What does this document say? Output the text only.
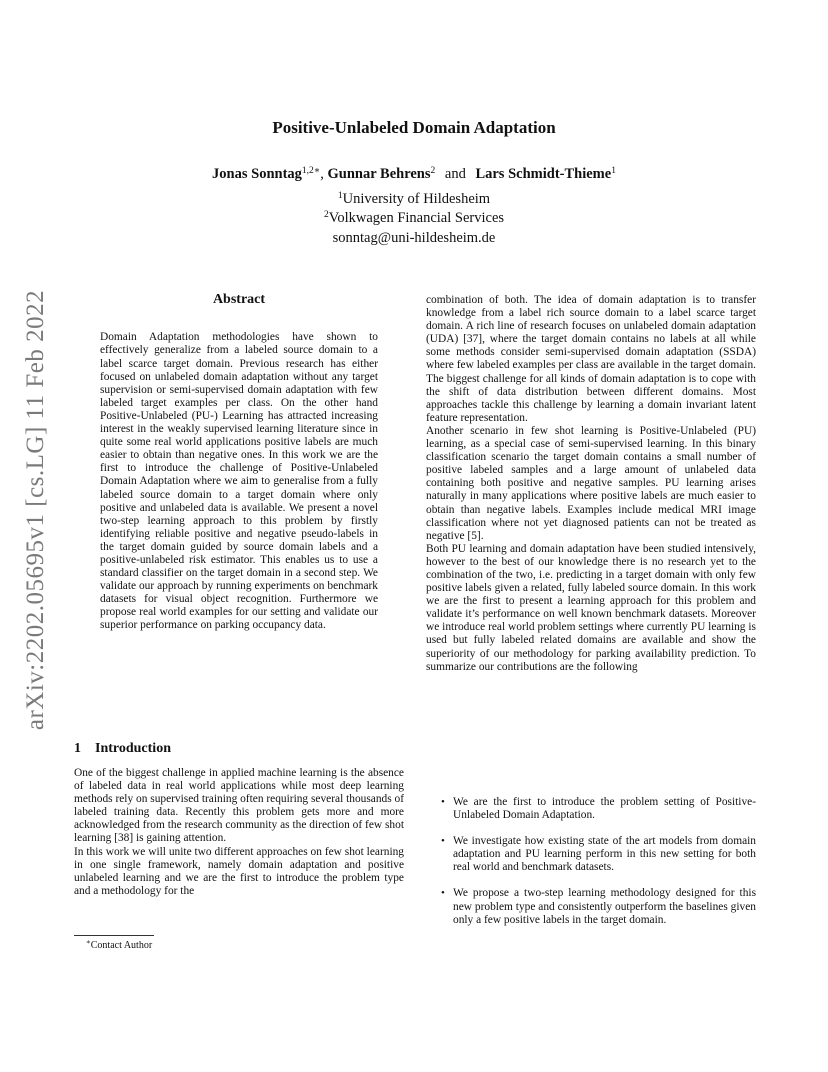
arXiv:2202.05695v1 [cs.LG] 11 Feb 2022
Positive-Unlabeled Domain Adaptation
Jonas Sonntag$^{1,2∗}$, Gunnar Behrens$^2$ and Lars Schmidt-Thieme$^1$
$^1$University of Hildesheim
$^2$Volkwagen Financial Services
sonntag@uni-hildesheim.de
Abstract

Domain Adaptation methodologies have shown to effectively generalize from a labeled source domain to a label scarce target domain. Previous research has either focused on unlabeled domain adaptation without any target supervision or semi-supervised domain adaptation with few labeled target examples per class. On the other hand Positive-Unlabeled (PU-) Learning has attracted increasing interest in the weakly supervised learning literature since in quite some real world applications positive labels are much easier to obtain than negative ones. In this work we are the first to introduce the challenge of Positive-Unlabeled Domain Adaptation where we aim to generalise from a fully labeled source domain to a target domain where only positive and unlabeled data is available. We present a novel two-step learning approach to this problem by firstly identifying reliable positive and negative pseudo-labels in the target domain guided by source domain labels and a positive-unlabeled risk estimator. This enables us to use a standard classifier on the target domain in a second step. We validate our approach by running experiments on benchmark datasets for visual object recognition. Furthermore we propose real world examples for our setting and validate our superior performance on parking occupancy data.

1 Introduction

One of the biggest challenge in applied machine learning is the absence of labeled data in real world applications while most deep learning methods rely on supervised training often requiring several thousands of labeled training data. Recently this problem gets more and more acknowledged from the research community as the direction of few shot learning [38] is gaining attention.

In this work we will unite two different approaches on few shot learning in one single framework, namely domain adaptation and positive unlabeled learning and we are the first to introduce the problem type and a methodology for the

∗Contact Author

combination of both. The idea of domain adaptation is to transfer knowledge from a label rich source domain to a label scarce target domain. A rich line of research focuses on unlabeled domain adaptation (UDA) [37], where the target domain contains no labels at all while some methods consider semi-supervised domain adaptation (SSDA) where few labeled examples per class are available in the target domain. The biggest challenge for all kinds of domain adaptation is to cope with the shift of data distribution between different domains. Most approaches tackle this challenge by learning a domain invariant latent feature representation.

Another scenario in few shot learning is Positive-Unlabeled (PU) learning, as a special case of semi-supervised learning. In this binary classification scenario the target domain contains a small number of positive labeled samples and a large amount of unlabeled data containing both positive and negative samples. PU learning arises naturally in many applications where positive labels are much easier to obtain than negative labels. Examples include medical MRI image classification where not yet diagnosed patients can not be treated as negative [5].

Both PU learning and domain adaptation have been studied intensively, however to the best of our knowledge there is no research yet to the combination of the two, i.e. predicting in a target domain with only few positive labels given a related, fully labeled source domain. In this work we are the first to present a learning approach for this problem and validate it’s performance on well known benchmark datasets. Moreover we introduce real world problem settings where currently PU learning is used but fully labeled related domains are available and show the superiority of our methodology for parking availability prediction. To summarize our contributions are the following

• We are the first to introduce the problem setting of Positive-Unlabeled Domain Adaptation.
• We investigate how existing state of the art models from domain adaptation and PU learning perform in this new setting for both real world and benchmark datasets.
• We propose a two-step learning methodology designed for this new problem type and consistently outperform the baselines given only a few positive labels in the target domain.
